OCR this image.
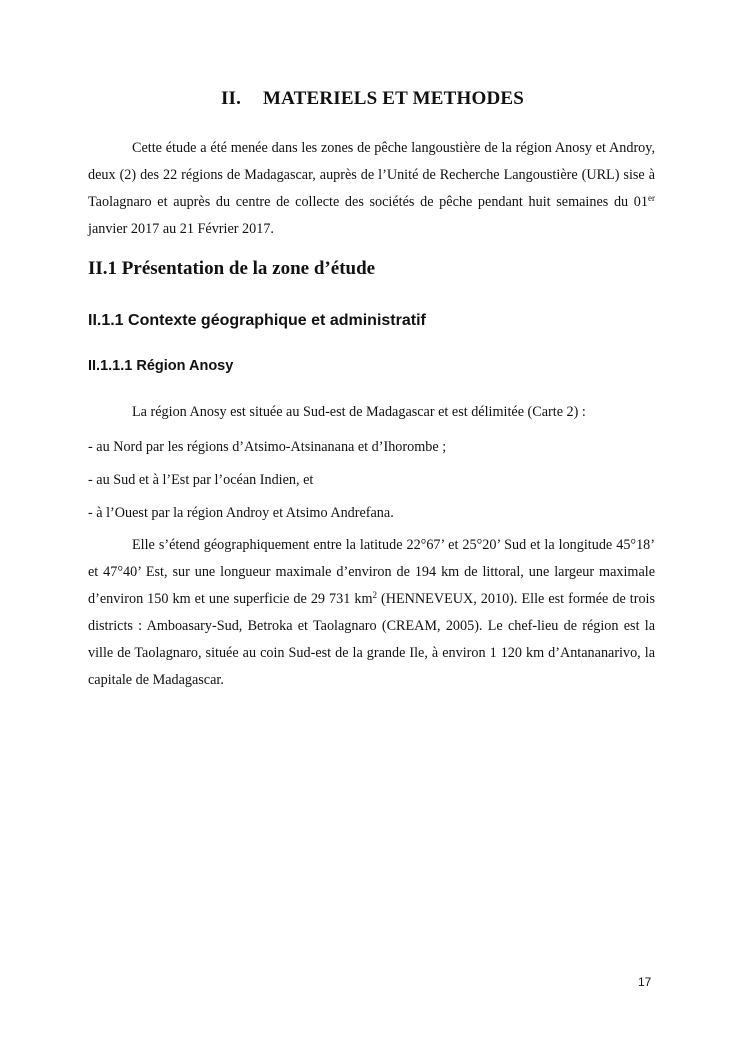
II. MATERIELS ET METHODES

Cette étude a été menée dans les zones de pêche langoustière de la région Anosy et Androy, deux (2) des 22 régions de Madagascar, auprès de l’Unité de Recherche Langoustière (URL) sise à Taolagnaro et auprès du centre de collecte des sociétés de pêche pendant huit semaines du 01er janvier 2017 au 21 Février 2017.

II.1 Présentation de la zone d’étude
II.1.1 Contexte géographique et administratif
II.1.1.1 Région Anosy

La région Anosy est située au Sud-est de Madagascar et est délimitée (Carte 2) :

- au Nord par les régions d’Atsimo-Atsinanana et d’Ihorombe ;

- au Sud et à l’Est par l’océan Indien, et

- à l’Ouest par la région Androy et Atsimo Andrefana.

Elle s’étend géographiquement entre la latitude 22°67’ et 25°20’ Sud et la longitude 45°18’ et 47°40’ Est, sur une longueur maximale d’environ de 194 km de littoral, une largeur maximale d’environ 150 km et une superficie de 29 731 $km^2$ (HENNEVEUX, 2010). Elle est formée de trois districts : Amboasary-Sud, Betroka et Taolagnaro (CREAM, 2005). Le chef-lieu de région est la ville de Taolagnaro, située au coin Sud-est de la grande Ile, à environ 1 120 km d’Antananarivo, la capitale de Madagascar.

17
